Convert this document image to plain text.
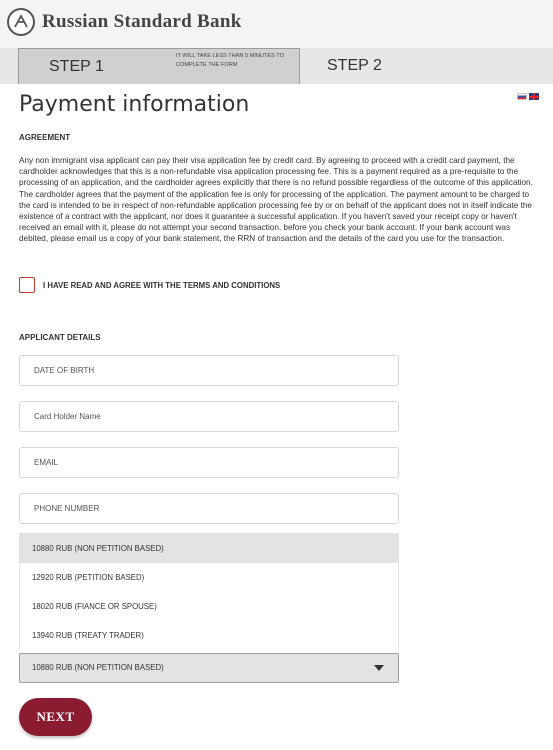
Russian Standard Bank
STEP 1
IT WILL TAKE LESS THAN 5 MINUTES TO COMPLETE THE FORM	STEP 2
Payment information
AGREEMENT

Any non immigrant visa applicant can pay their visa application fee by credit card. By agreeing to proceed with a credit card payment, the cardholder acknowledges that this is a non-refundable visa application processing fee. This is a payment required as a pre-requisite to the processing of an application, and the cardholder agrees explicitly that there is no refund possible regardless of the outcome of this application. The cardholder agrees that the payment of the application fee is only for processing of the application. The payment amount to be charged to the card is intended to be in respect of non-refundable application processing fee by or on behalf of the applicant does not in itself indicate the existence of a contract with the applicant, nor does it guarantee a successful application. If you haven't saved your receipt copy or haven't received an email with it, please do not attempt your second transaction, before you check your bank account. If your bank account was debited, please email us a copy of your bank statement, the RRN of transaction and the details of the card you use for the transaction.

I HAVE READ AND AGREE WITH THE TERMS AND CONDITIONS
APPLICANT DETAILS
DATE OF BIRTH
Card Holder Name
EMAIL
PHONE NUMBER
10880 RUB (NON PETITION BASED)
12920 RUB (PETITION BASED)
18020 RUB (FIANCE OR SPOUSE)
13940 RUB (TREATY TRADER)
10880 RUB (NON PETITION BASED)
NEXT
